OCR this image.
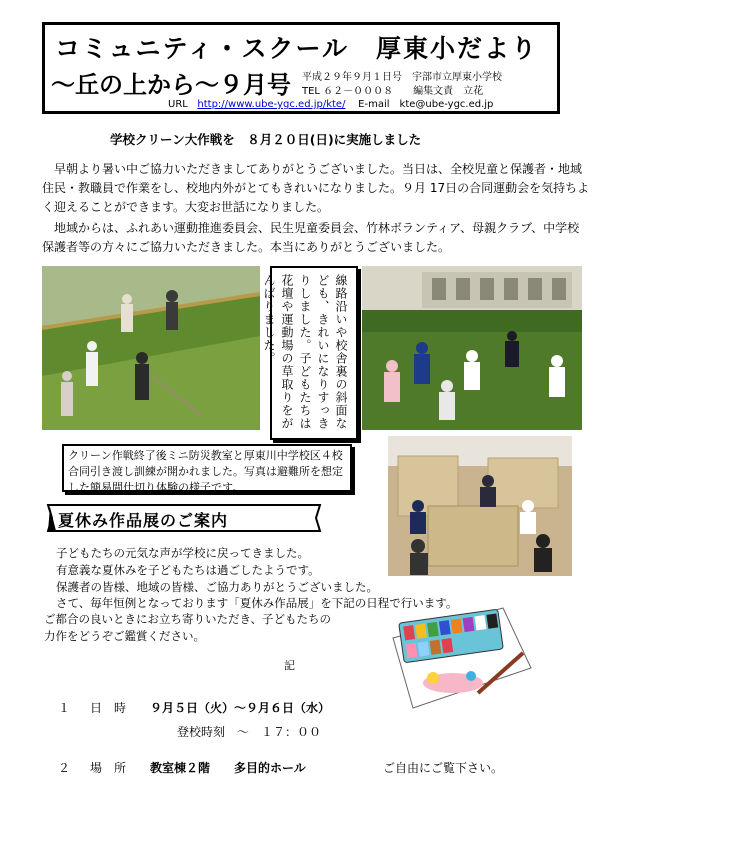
コミュニティ・スクール　厚東小だより
～丘の上から～９月号 平成２９年９月１日号　宇部市立厚東小学校
TEL ６２－０００８　　編集文責　立花
URL http://www.ube-ygc.ed.jp/kte/ E-mail　kte@ube-ygc.ed.jp
学校クリーン大作戦を　８月２０日(日)に実施しました
早朝より暑い中ご協力いただきましてありがとうございました。当日は、全校児童と保護者・地域住民・教職員で作業をし、校地内外がとてもきれいになりました。９月 17日の合同運動会を気持ちよく迎えることができます。大変お世話になりました。
地域からは、ふれあい運動推進委員会、民生児童委員会、竹林ボランティア、母親クラブ、中学校保護者等の方々にご協力いただきました。本当にありがとうございました。
線路沿いや校舎裏の斜面なども、きれいになりすっきりしました。子どもたちは花壇や運動場の草取りをがんばりました。
クリーン作戦終了後ミニ防災教室と厚東川中学校区４校合同引き渡し訓練が開かれました。写真は避難所を想定した簡易間仕切り体験の様子です。
夏休み作品展のご案内
子どもたちの元気な声が学校に戻ってきました。
有意義な夏休みを子どもたちは過ごしたようです。
保護者の皆様、地域の皆様、ご協力ありがとうございました。
さて、毎年恒例となっております「夏休み作品展」を下記の日程で行います。
ご都合の良いときにお立ち寄りいただき、子どもたちの
力作をどうぞご鑑賞ください。
記
１ 日　時 ９月５日（火）～９月６日（水）
登校時刻　～　１７：００
２ 場　所 教室棟２階　　多目的ホール	ご自由にご覧下さい。
